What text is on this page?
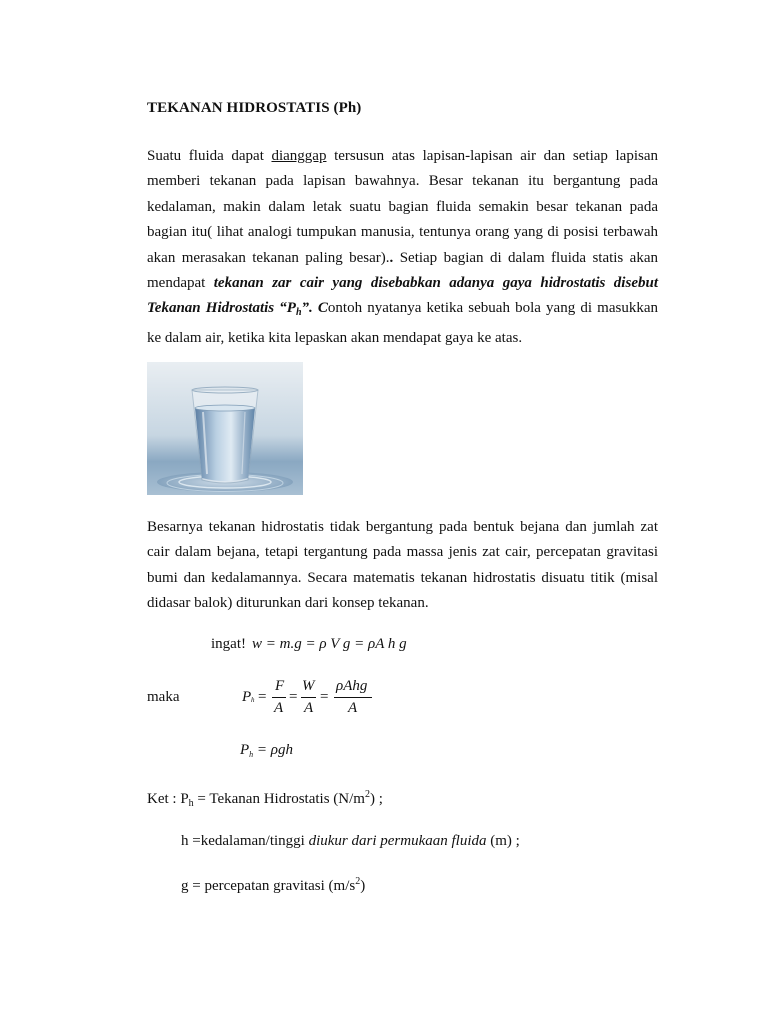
TEKANAN HIDROSTATIS (Ph)
Suatu fluida dapat dianggap tersusun atas lapisan-lapisan air dan setiap lapisan memberi tekanan pada lapisan bawahnya. Besar tekanan itu bergantung pada kedalaman, makin dalam letak suatu bagian fluida semakin besar tekanan pada bagian itu( lihat analogi tumpukan manusia, tentunya orang yang di posisi terbawah akan merasakan tekanan paling besar).. Setiap bagian di dalam fluida statis akan mendapat tekanan zar cair yang disebabkan adanya gaya hidrostatis disebut Tekanan Hidrostatis “$P_h$”. Contoh nyatanya ketika sebuah bola yang di masukkan ke dalam air, ketika kita lepaskan akan mendapat gaya ke atas.
Besarnya tekanan hidrostatis tidak bergantung pada bentuk bejana dan jumlah zat cair dalam bejana, tetapi tergantung pada massa jenis zat cair, percepatan gravitasi bumi dan kedalamannya. Secara matematis tekanan hidrostatis disuatu titik (misal didasar balok) diturunkan dari konsep tekanan.
ingat! w = m.g = ρ V g = ρA h g
maka	P h =
F
A
=
W
A
=
ρAhg
A
$P_h = \rho gh$
Ket : $P_h$ = Tekanan Hidrostatis $(N/m^2)$ ;
h =kedalaman/tinggi diukur dari permukaan fluida (m) ;
g = percepatan gravitasi $(m/s^2)$
